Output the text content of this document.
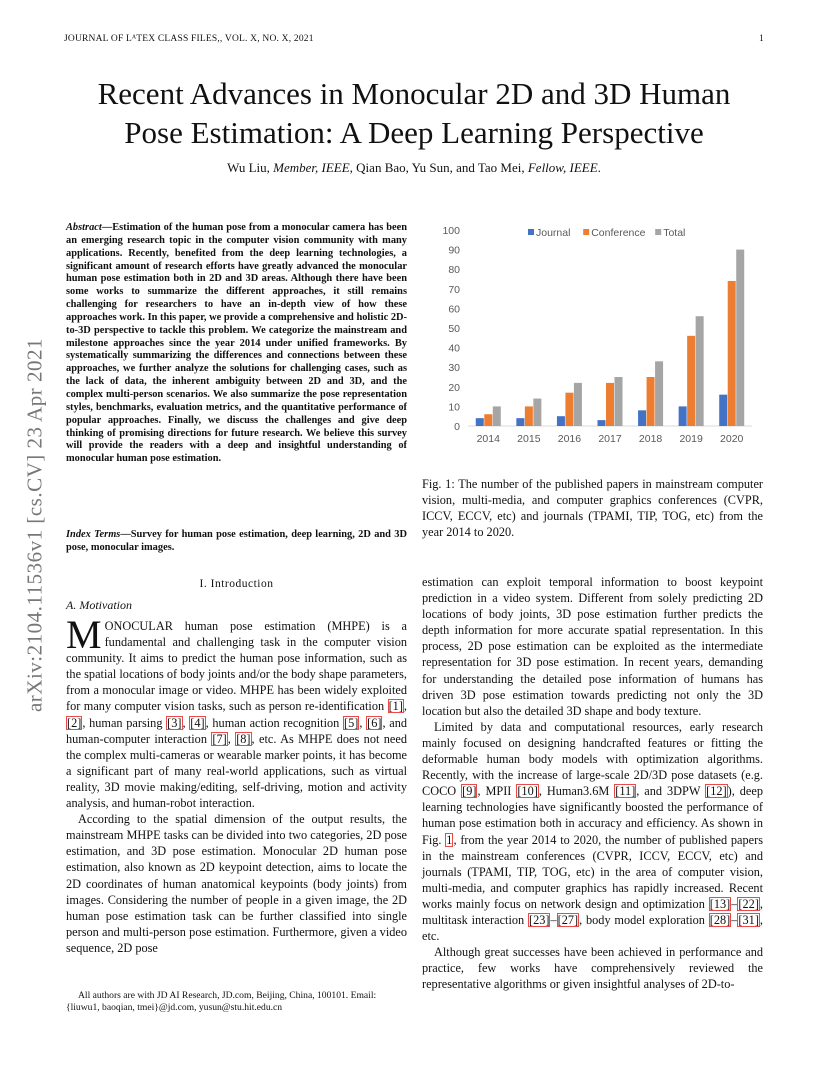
JOURNAL OF LᴬTEX CLASS FILES,, VOL. X, NO. X, 2021	1
arXiv:2104.11536v1 [cs.CV] 23 Apr 2021
Recent Advances in Monocular 2D and 3D Human
Pose Estimation: A Deep Learning Perspective
Wu Liu, Member, IEEE, Qian Bao, Yu Sun, and Tao Mei, Fellow, IEEE.
Abstract—Estimation of the human pose from a monocular camera has been an emerging research topic in the computer vision community with many applications. Recently, benefited from the deep learning technologies, a significant amount of research efforts have greatly advanced the monocular human pose estimation both in 2D and 3D areas. Although there have been some works to summarize the different approaches, it still remains challenging for researchers to have an in-depth view of how these approaches work. In this paper, we provide a comprehensive and holistic 2D-to-3D perspective to tackle this problem. We categorize the mainstream and milestone approaches since the year 2014 under unified frameworks. By systematically summarizing the differences and connections between these approaches, we further analyze the solutions for challenging cases, such as the lack of data, the inherent ambiguity between 2D and 3D, and the complex multi-person scenarios. We also summarize the pose representation styles, benchmarks, evaluation metrics, and the quantitative performance of popular approaches. Finally, we discuss the challenges and give deep thinking of promising directions for future research. We believe this survey will provide the readers with a deep and insightful understanding of monocular human pose estimation.
Index Terms—Survey for human pose estimation, deep learning, 2D and 3D pose, monocular images.
I. Introduction
A. Motivation

MONOCULAR human pose estimation (MHPE) is a fundamental and challenging task in the computer vision community. It aims to predict the human pose information, such as the spatial locations of body joints and/or the body shape parameters, from a monocular image or video. MHPE has been widely exploited for many computer vision tasks, such as person re-identification [1], [2], human parsing [3], [4], human action recognition [5], [6], and human-computer interaction [7], [8], etc. As MHPE does not need the complex multi-cameras or wearable marker points, it has become a significant part of many real-world applications, such as virtual reality, 3D movie making/editing, self-driving, motion and activity analysis, and human-robot interaction.

According to the spatial dimension of the output results, the mainstream MHPE tasks can be divided into two categories, 2D pose estimation, and 3D pose estimation. Monocular 2D human pose estimation, also known as 2D keypoint detection, aims to locate the 2D coordinates of human anatomical keypoints (body joints) from images. Considering the number of people in a given image, the 2D human pose estimation task can be further classified into single person and multi-person pose estimation. Furthermore, given a video sequence, 2D pose

All authors are with JD AI Research, JD.com, Beijing, China, 100101. Email: {liuwu1, baoqian, tmei}@jd.com, yusun@stu.hit.edu.cn
0
10
20
30
40
50
60
70
80
90
100
2014 2015 2016 2017 2018 2019 2020
Journal Conference Total
Fig. 1: The number of the published papers in mainstream computer vision, multi-media, and computer graphics conferences (CVPR, ICCV, ECCV, etc) and journals (TPAMI, TIP, TOG, etc) from the year 2014 to 2020.

estimation can exploit temporal information to boost keypoint prediction in a video system. Different from solely predicting 2D locations of body joints, 3D pose estimation further predicts the depth information for more accurate spatial representation. In this process, 2D pose estimation can be exploited as the intermediate representation for 3D pose estimation. In recent years, demanding for understanding the detailed pose information of humans has driven 3D pose estimation towards predicting not only the 3D location but also the detailed 3D shape and body texture.

Limited by data and computational resources, early research mainly focused on designing handcrafted features or fitting the deformable human body models with optimization algorithms. Recently, with the increase of large-scale 2D/3D pose datasets (e.g. COCO [9], MPII [10], Human3.6M [11], and 3DPW [12]), deep learning technologies have significantly boosted the performance of human pose estimation both in accuracy and efficiency. As shown in Fig. 1, from the year 2014 to 2020, the number of published papers in the mainstream conferences (CVPR, ICCV, ECCV, etc) and journals (TPAMI, TIP, TOG, etc) in the area of computer vision, multi-media, and computer graphics has rapidly increased. Recent works mainly focus on network design and optimization [13]–[22], multitask interaction [23]–[27], body model exploration [28]–[31], etc.

Although great successes have been achieved in performance and practice, few works have comprehensively reviewed the representative algorithms or given insightful analyses of 2D-to-
